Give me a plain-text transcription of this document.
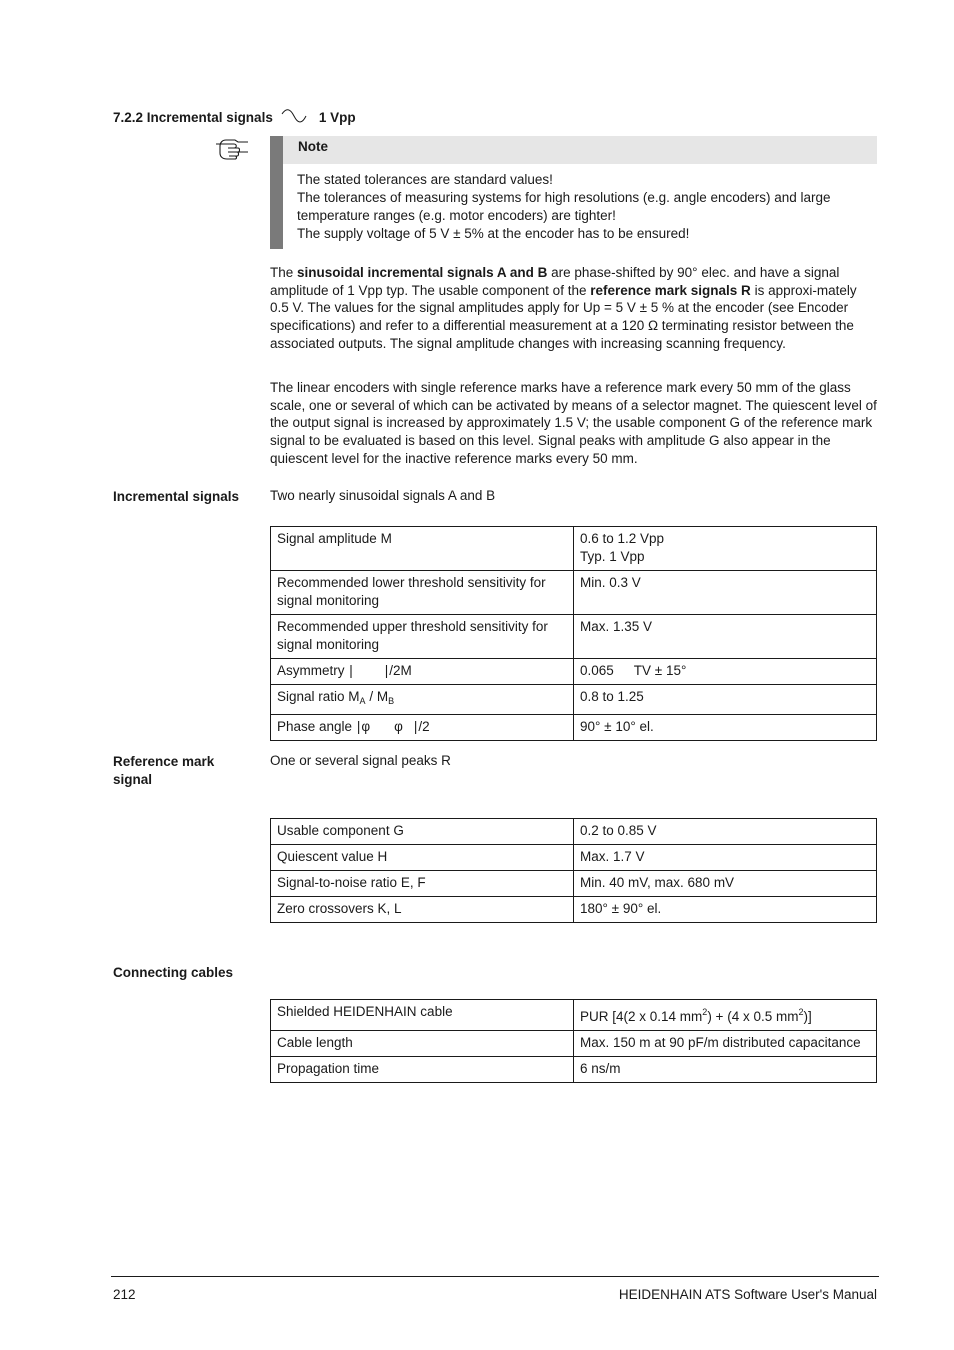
7.2.2 Incremental signals	1 Vpp
Note
The stated tolerances are standard values!
The tolerances of measuring systems for high resolutions (e.g. angle encoders) and large temperature ranges (e.g. motor encoders) are tighter!
The supply voltage of 5 V ± 5% at the encoder has to be ensured!
The sinusoidal incremental signals A and B are phase-shifted by 90° elec. and have a signal amplitude of 1 Vpp typ. The usable component of the reference mark signals R is approxi-mately 0.5 V. The values for the signal amplitudes apply for Up = 5 V ± 5 % at the encoder (see Encoder specifications) and refer to a differential measurement at a 120 Ω terminating resistor between the associated outputs. The signal amplitude changes with increasing scanning frequency.
The linear encoders with single reference marks have a reference mark every 50 mm of the glass scale, one or several of which can be activated by means of a selector magnet. The quiescent level of the output signal is increased by approximately 1.5 V; the usable component G of the reference mark signal to be evaluated is based on this level. Signal peaks with amplitude G also appear in the quiescent level for the inactive reference marks every 50 mm.
Incremental signals	Two nearly sinusoidal signals A and B
Signal amplitude M	0.6 to 1.2 Vpp
Typ. 1 Vpp

Recommended lower threshold sensitivity for signal monitoring	Min. 0.3 V
Recommended upper threshold sensitivity for signal monitoring	Max. 1.35 V
Asymmetry | |/2M	0.065 TV ± 15°
Signal ratio $M_A / M_B$	0.8 to 1.25
Phase angle |φ φ |/2	90° ± 10° el.
Reference mark
signal
One or several signal peaks R
Usable component G	0.2 to 0.85 V
Quiescent value H	Max. 1.7 V
Signal-to-noise ratio E, F	Min. 40 mV, max. 680 mV
Zero crossovers K, L	180° ± 90° el.
Connecting cables
Shielded HEIDENHAIN cable	PUR [4(2 x 0.14 $mm^2) + (4$ x 0.5 $mm^2$)]
Cable length	Max. 150 m at 90 pF/m distributed capacitance
Propagation time	6 ns/m
212	HEIDENHAIN ATS Software User's Manual
